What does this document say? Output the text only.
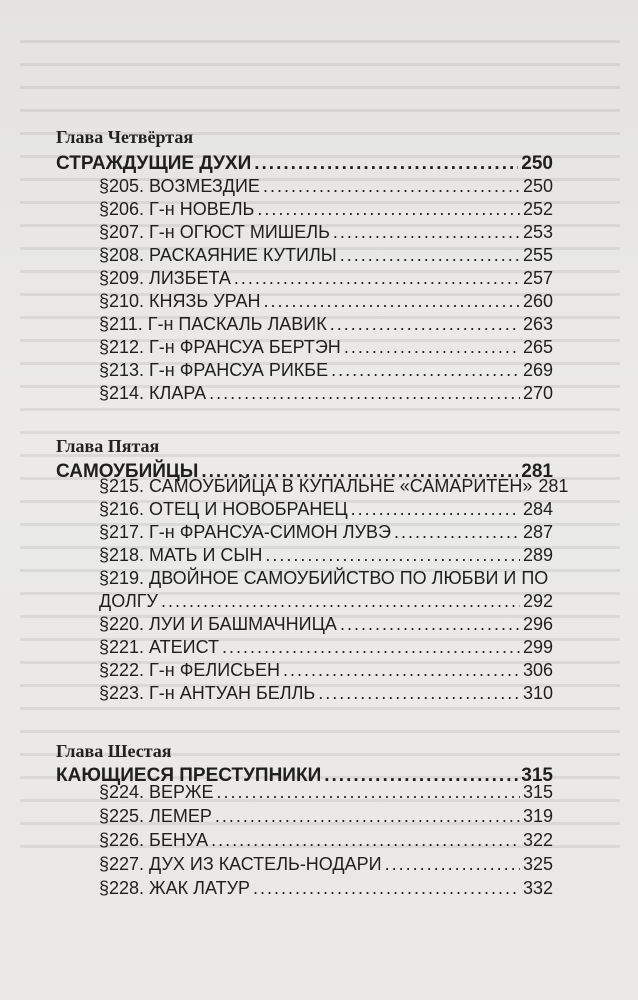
Глава Четвёртая
СТРАЖДУЩИЕ ДУХИ .....	250
§205. ВОЗМЕЗДИЕ .....	250
§206. Г-н НОВЕЛЬ .....	252
§207. Г-н ОГЮСТ МИШЕЛЬ .....	253
§208. РАСКАЯНИЕ КУТИЛЫ .....	255
§209. ЛИЗБЕТА .....	257
§210. КНЯЗЬ УРАН .....	260
§211. Г-н ПАСКАЛЬ ЛАВИК .....	263
§212. Г-н ФРАНСУА БЕРТЭН .....	265
§213. Г-н ФРАНСУА РИКБЕ .....	269
§214. КЛАРА .....	270
Глава Пятая
САМОУБИЙЦЫ .....	281
§215. САМОУБИЙЦА В КУПАЛЬНЕ «САМАРИТЕН» 281
§216. ОТЕЦ И НОВОБРАНЕЦ .....	284
§217. Г-н ФРАНСУА-СИМОН ЛУВЭ .....	287
§218. МАТЬ И СЫН .....	289
§219. ДВОЙНОЕ САМОУБИЙСТВО ПО ЛЮБВИ И ПО
ДОЛГУ .....	292
§220. ЛУИ И БАШМАЧНИЦА .....	296
§221. АТЕИСТ .....	299
§222. Г-н ФЕЛИСЬЕН .....	306
§223. Г-н АНТУАН БЕЛЛЬ .....	310
Глава Шестая
КАЮЩИЕСЯ ПРЕСТУПНИКИ .....	315
§224. ВЕРЖЕ .....	315
§225. ЛЕМЕР .....	319
§226. БЕНУА .....	322
§227. ДУХ ИЗ КАСТЕЛЬ-НОДАРИ .....	325
§228. ЖАК ЛАТУР .....	332
